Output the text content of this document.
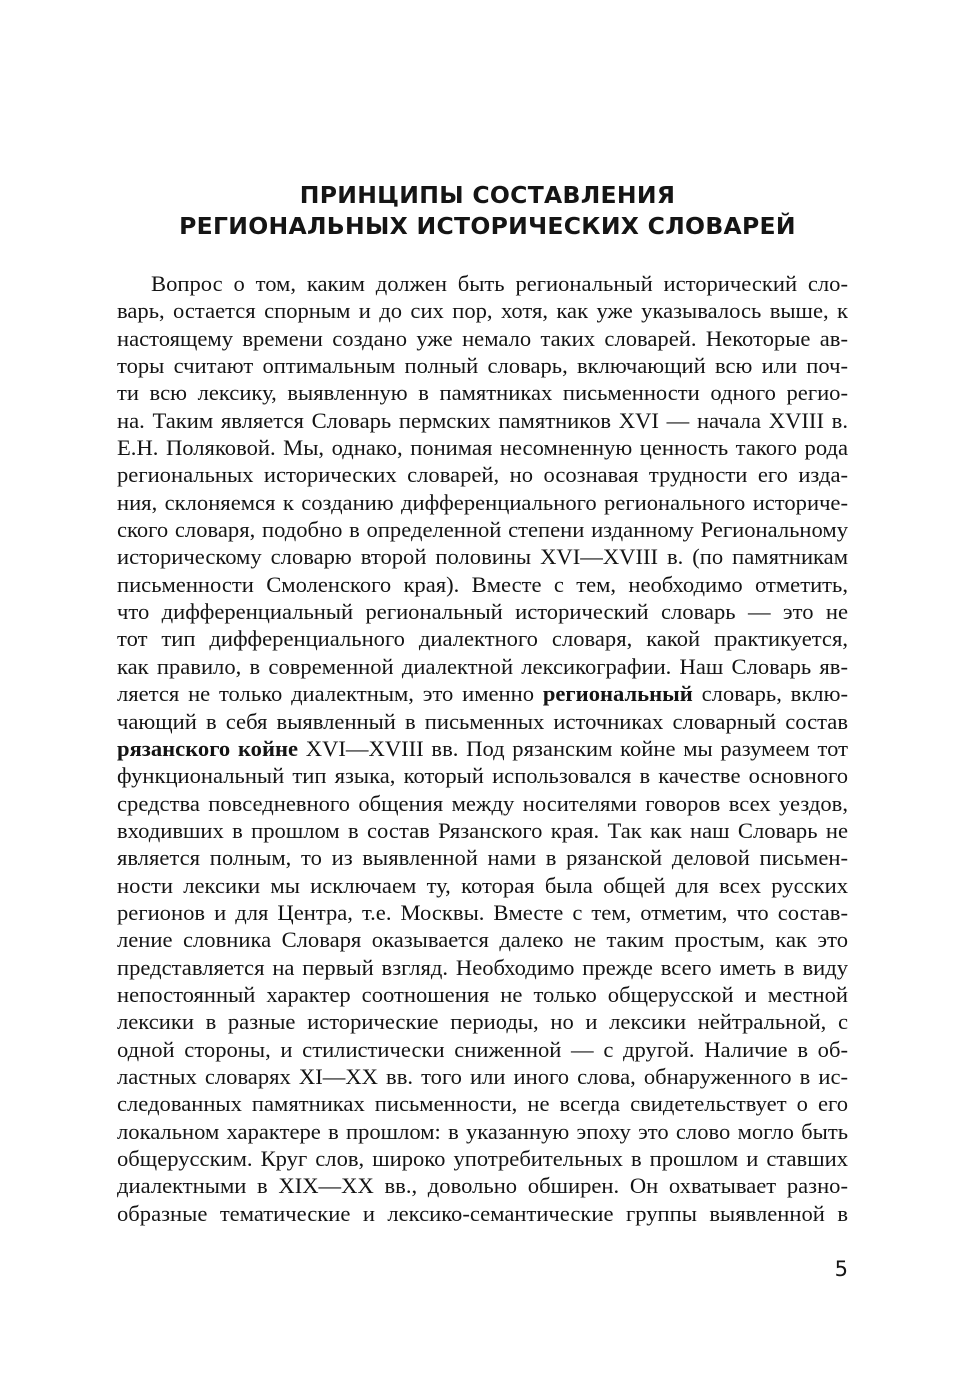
ПРИНЦИПЫ СОСТАВЛЕНИЯ
РЕГИОНАЛЬНЫХ ИСТОРИЧЕСКИХ СЛОВАРЕЙ
Вопрос о том, каким должен быть региональный исторический сло-
варь, остается спорным и до сих пор, хотя, как уже указывалось выше, к
настоящему времени создано уже немало таких словарей. Некоторые ав-
торы считают оптимальным полный словарь, включающий всю или поч-
ти всю лексику, выявленную в памятниках письменности одного регио-
на. Таким является Словарь пермских памятников XVI — начала XVIII в.
Е.Н. Поляковой. Мы, однако, понимая несомненную ценность такого рода
региональных исторических словарей, но осознавая трудности его изда-
ния, склоняемся к созданию дифференциального регионального историче-
ского словаря, подобно в определенной степени изданному Региональному
историческому словарю второй половины XVI—XVIII в. (по памятникам
письменности Смоленского края). Вместе с тем, необходимо отметить,
что дифференциальный региональный исторический словарь — это не
тот тип дифференциального диалектного словаря, какой практикуется,
как правило, в современной диалектной лексикографии. Наш Словарь яв-
ляется не только диалектным, это именно региональный словарь, вклю-
чающий в себя выявленный в письменных источниках словарный состав
рязанского койне XVI—XVIII вв. Под рязанским койне мы разумеем тот
функциональный тип языка, который использовался в качестве основного
средства повседневного общения между носителями говоров всех уездов,
входивших в прошлом в состав Рязанского края. Так как наш Словарь не
является полным, то из выявленной нами в рязанской деловой письмен-
ности лексики мы исключаем ту, которая была общей для всех русских
регионов и для Центра, т.е. Москвы. Вместе с тем, отметим, что состав-
ление словника Словаря оказывается далеко не таким простым, как это
представляется на первый взгляд. Необходимо прежде всего иметь в виду
непостоянный характер соотношения не только общерусской и местной
лексики в разные исторические периоды, но и лексики нейтральной, с
одной стороны, и стилистически сниженной — с другой. Наличие в об-
ластных словарях XI—XX вв. того или иного слова, обнаруженного в ис-
следованных памятниках письменности, не всегда свидетельствует о его
локальном характере в прошлом: в указанную эпоху это слово могло быть
общерусским. Круг слов, широко употребительных в прошлом и ставших
диалектными в XIX—XX вв., довольно обширен. Он охватывает разно-
образные тематические и лексико-семантические группы выявленной в
5
